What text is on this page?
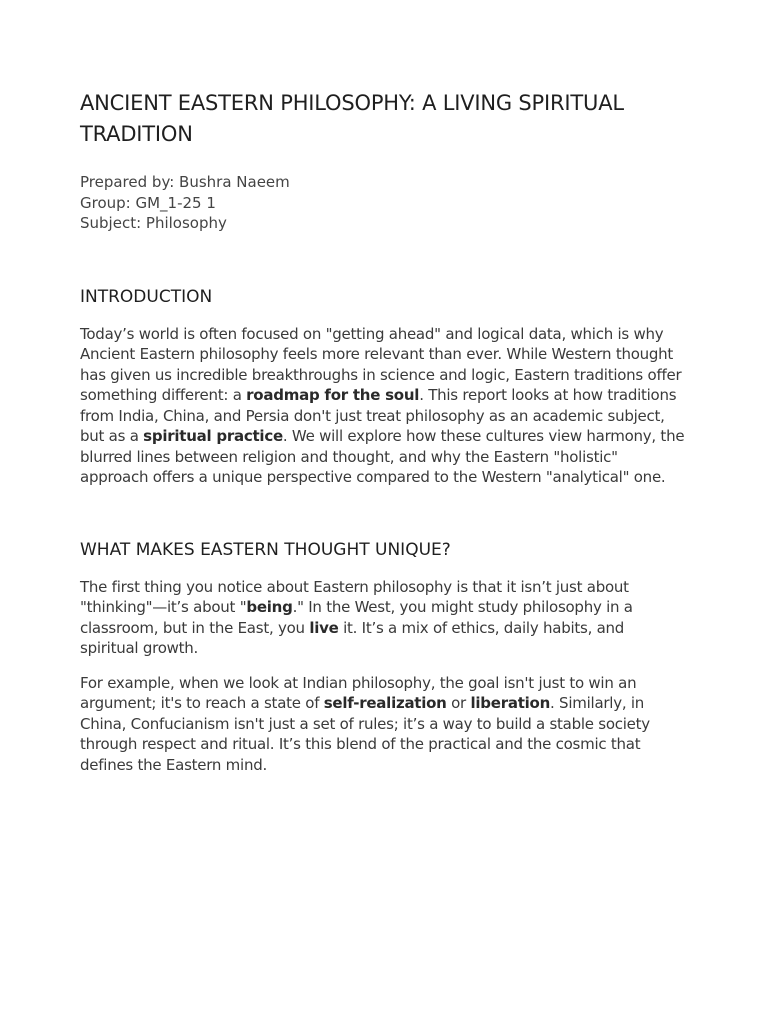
ANCIENT EASTERN PHILOSOPHY: A LIVING SPIRITUAL TRADITION
Prepared by: Bushra Naeem
Group: GM_1-25 1
Subject: Philosophy
INTRODUCTION

Today’s world is often focused on "getting ahead" and logical data, which is why Ancient Eastern philosophy feels more relevant than ever. While Western thought has given us incredible breakthroughs in science and logic, Eastern traditions offer something different: a roadmap for the soul. This report looks at how traditions from India, China, and Persia don't just treat philosophy as an academic subject, but as a spiritual practice. We will explore how these cultures view harmony, the blurred lines between religion and thought, and why the Eastern "holistic" approach offers a unique perspective compared to the Western "analytical" one.

WHAT MAKES EASTERN THOUGHT UNIQUE?

The first thing you notice about Eastern philosophy is that it isn’t just about "thinking"—it’s about "being." In the West, you might study philosophy in a classroom, but in the East, you live it. It’s a mix of ethics, daily habits, and spiritual growth.

For example, when we look at Indian philosophy, the goal isn't just to win an argument; it's to reach a state of self-realization or liberation. Similarly, in China, Confucianism isn't just a set of rules; it’s a way to build a stable society through respect and ritual. It’s this blend of the practical and the cosmic that defines the Eastern mind.
